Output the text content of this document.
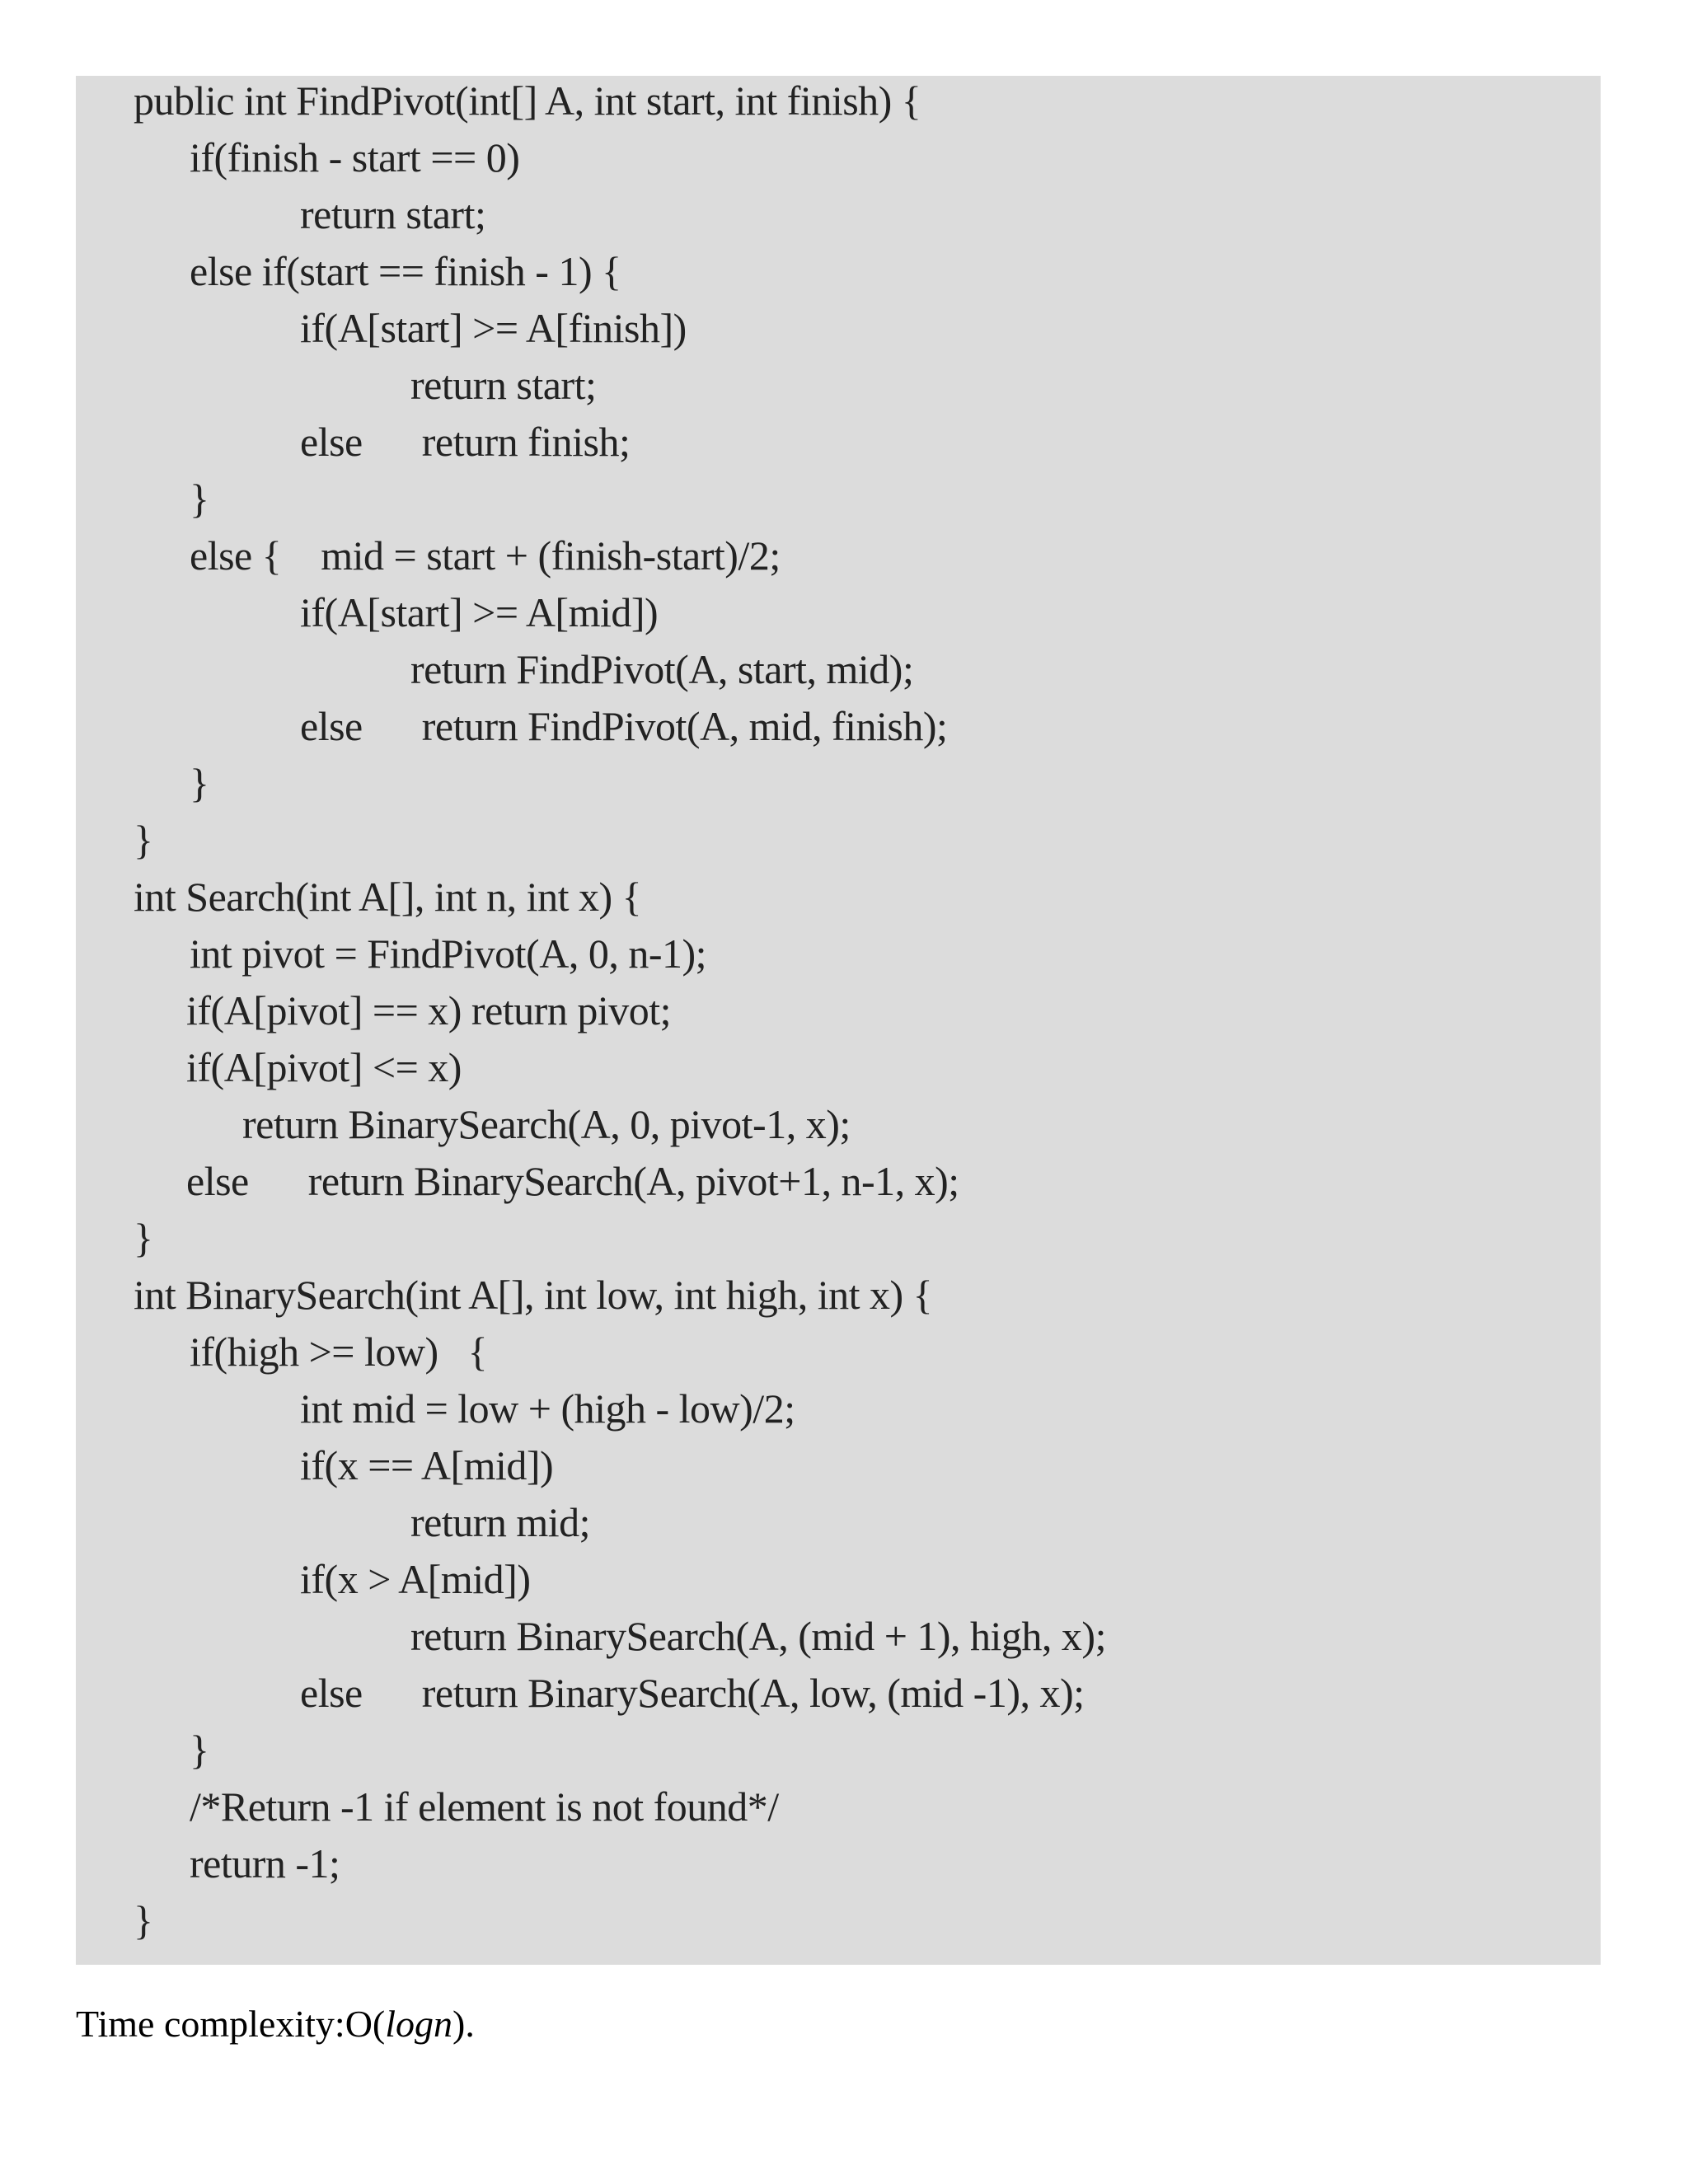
public int FindPivot(int[] A, int start, int finish) {
if(finish - start == 0)
return start;
else if(start == finish - 1) {
if(A[start] >= A[finish])
return start;
else      return finish;
}
else {    mid = start + (finish-start)/2;
if(A[start] >= A[mid])
return FindPivot(A, start, mid);
else      return FindPivot(A, mid, finish);
}
}
int Search(int A[], int n, int x) {
int pivot = FindPivot(A, 0, n-1);
if(A[pivot] == x) return pivot;
if(A[pivot] <= x)
return BinarySearch(A, 0, pivot-1, x);
else      return BinarySearch(A, pivot+1, n-1, x);
}
int BinarySearch(int A[], int low, int high, int x) {
if(high >= low)   {
int mid = low + (high - low)/2;
if(x == A[mid])
return mid;
if(x > A[mid])
return BinarySearch(A, (mid + 1), high, x);
else      return BinarySearch(A, low, (mid -1), x);
}
/*Return -1 if element is not found*/
return -1;
}
Time complexity:O(logn).
